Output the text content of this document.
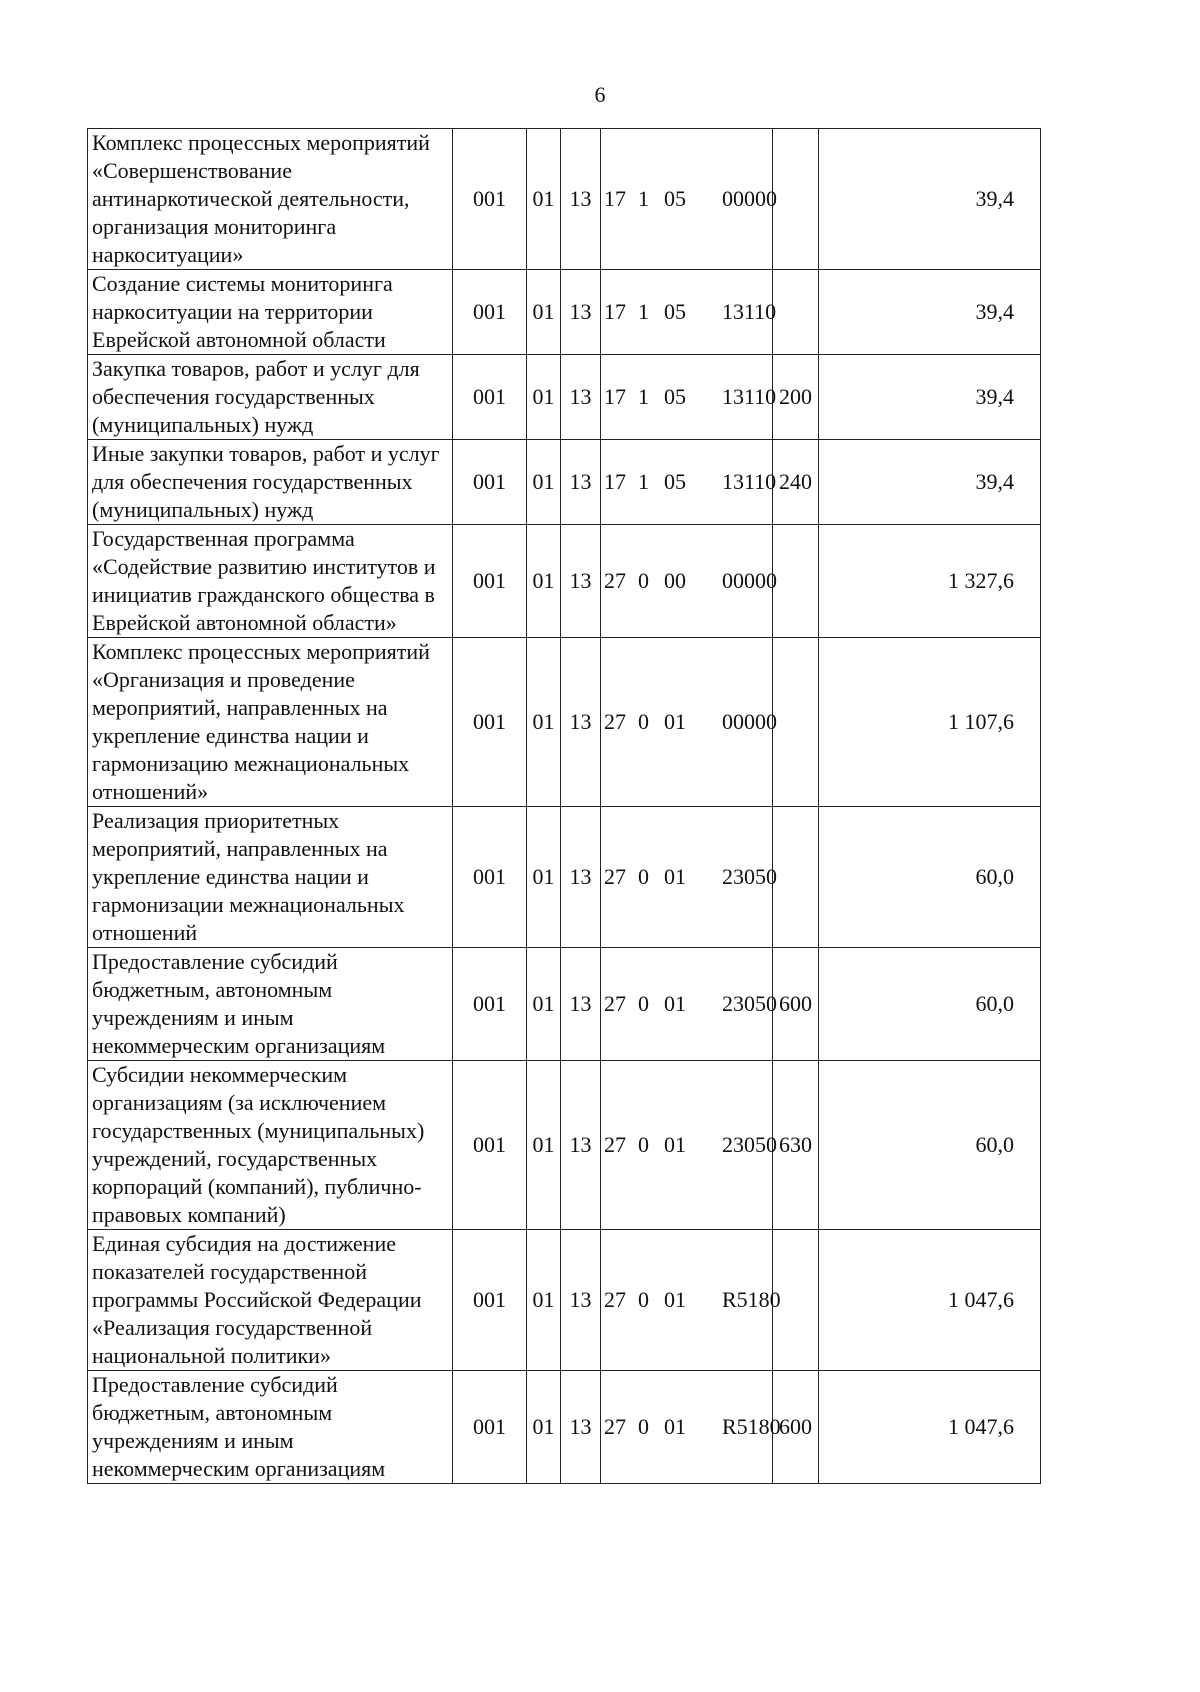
6
Комплекс процессных мероприятий «Совершенствование антинаркотической деятельности, организация мониторинга наркоситуации»	001	01	13	17 1 05 00000		39,4
Создание системы мониторинга наркоситуации на территории Еврейской автономной области	001	01	13	17 1 05 13110		39,4
Закупка товаров, работ и услуг для обеспечения государственных (муниципальных) нужд	001	01	13	17 1 05 13110	200	39,4
Иные закупки товаров, работ и услуг для обеспечения государственных (муниципальных) нужд	001	01	13	17 1 05 13110	240	39,4
Государственная программа «Содействие развитию институтов и инициатив гражданского общества в Еврейской автономной области»	001	01	13	27 0 00 00000		1 327,6
Комплекс процессных мероприятий «Организация и проведение мероприятий, направленных на укрепление единства нации и гармонизацию межнациональных отношений»	001	01	13	27 0 01 00000		1 107,6
Реализация приоритетных мероприятий, направленных на укрепление единства нации и гармонизации межнациональных отношений	001	01	13	27 0 01 23050		60,0
Предоставление субсидий бюджетным, автономным учреждениям и иным некоммерческим организациям	001	01	13	27 0 01 23050	600	60,0
Субсидии некоммерческим организациям (за исключением государственных (муниципальных) учреждений, государственных корпораций (компаний), публично-правовых компаний)	001	01	13	27 0 01 23050	630	60,0
Единая субсидия на достижение показателей государственной программы Российской Федерации «Реализация государственной национальной политики»	001	01	13	27 0 01 R5180		1 047,6
Предоставление субсидий бюджетным, автономным учреждениям и иным некоммерческим организациям	001	01	13	27 0 01 R5180	600	1 047,6
